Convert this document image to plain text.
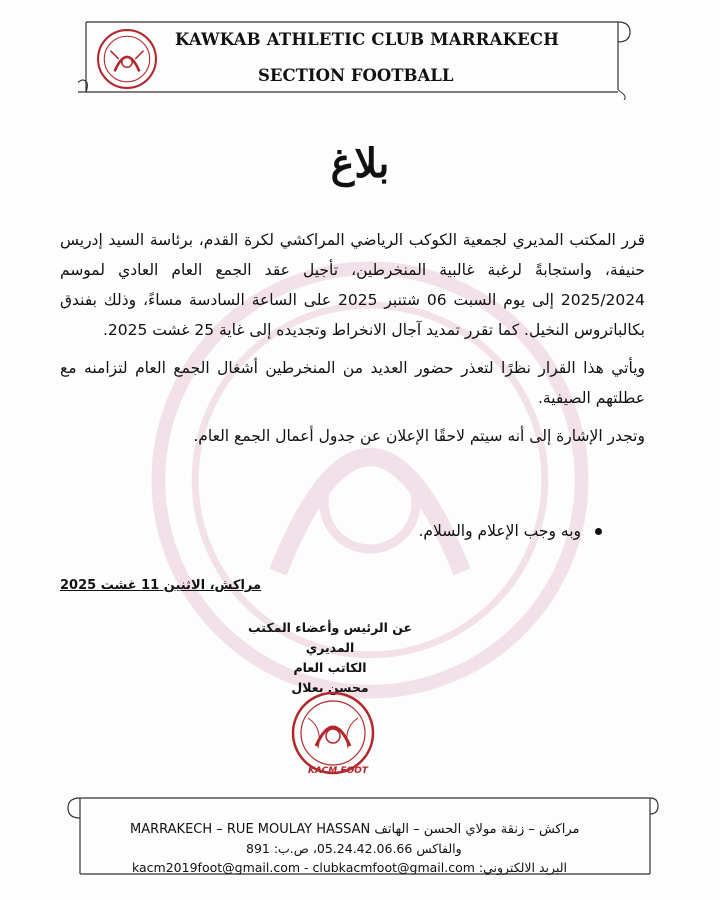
KAWKAB ATHLETIC CLUB MARRAKECH
SECTION FOOTBALL
بلاغ

قرر المكتب المديري لجمعية الكوكب الرياضي المراكشي لكرة القدم، برئاسة السيد إدريس حنيفة، واستجابةً لرغبة غالبية المنخرطين، تأجيل عقد الجمع العام العادي لموسم 2025/2024 إلى يوم السبت 06 شتنبر 2025 على الساعة السادسة مساءً، وذلك بفندق بكالباتروس النخيل. كما تقرر تمديد آجال الانخراط وتجديده إلى غاية 25 غشت 2025.

ويأتي هذا القرار نظرًا لتعذر حضور العديد من المنخرطين أشغال الجمع العام لتزامنه مع عطلتهم الصيفية.

وتجدر الإشارة إلى أنه سيتم لاحقًا الإعلان عن جدول أعمال الجمع العام.

وبه وجب الإعلام والسلام.
مراكش، الاثنين 11 غشت 2025
عن الرئيس وأعضاء المكتب المديري
الكاتب العام
محسن بعلال
KACM FOOT
MARRAKECH – RUE MOULAY HASSAN مراكش – زنقة مولاي الحسن – الهاتف
والفاكس 05.24.42.06.66، ص.ب: 891
البريد الالكتروني: kacm2019foot@gmail.com - clubkacmfoot@gmail.com
